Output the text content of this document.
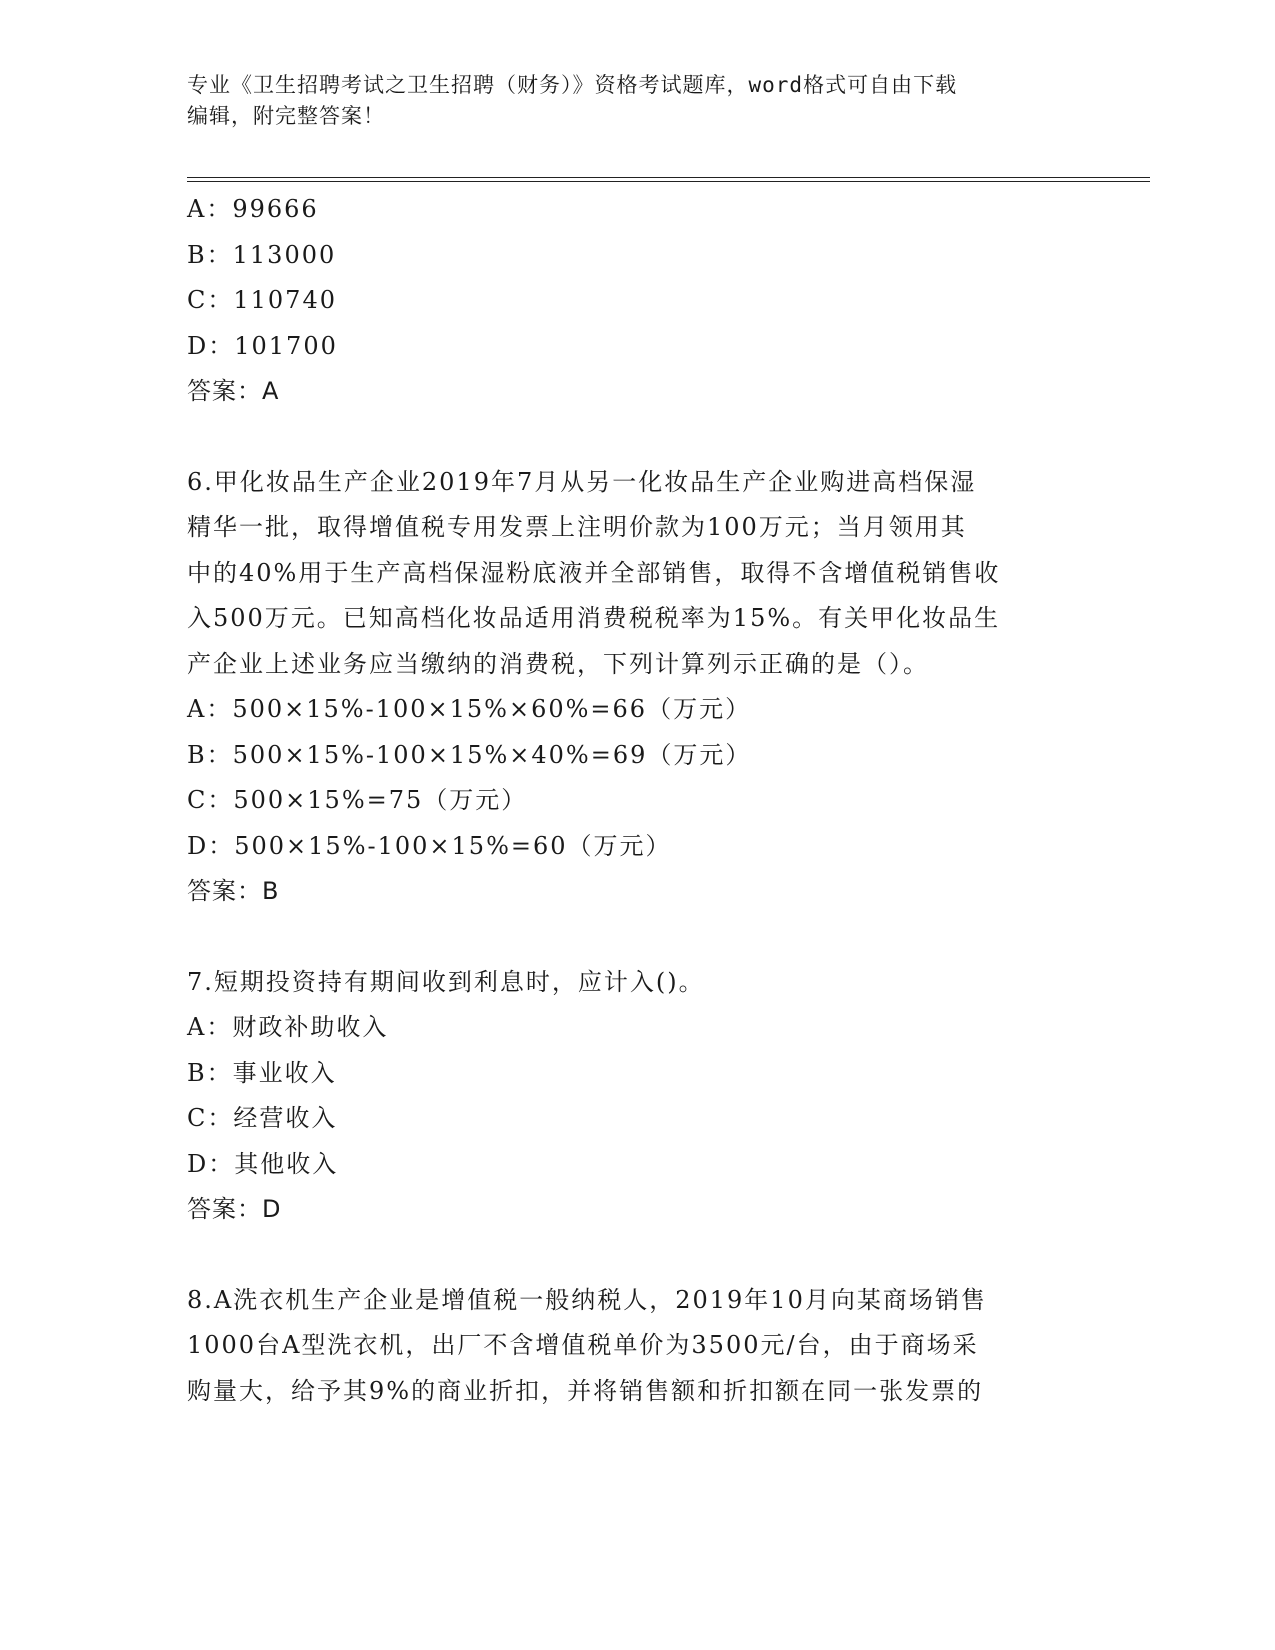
专业《卫生招聘考试之卫生招聘（财务）》资格考试题库，word格式可自由下载
编辑，附完整答案！
A：99666
B：113000
C：110740
D：101700
答案：A
6.甲化妆品生产企业2019年7月从另一化妆品生产企业购进高档保湿
精华一批，取得增值税专用发票上注明价款为100万元；当月领用其
中的40%用于生产高档保湿粉底液并全部销售，取得不含增值税销售收
入500万元。已知高档化妆品适用消费税税率为15%。有关甲化妆品生
产企业上述业务应当缴纳的消费税，下列计算列示正确的是（）。
A：500×15%-100×15%×60%=66（万元）
B：500×15%-100×15%×40%=69（万元）
C：500×15%=75（万元）
D：500×15%-100×15%=60（万元）
答案：B
7.短期投资持有期间收到利息时，应计入()。
A：财政补助收入
B：事业收入
C：经营收入
D：其他收入
答案：D
8.A洗衣机生产企业是增值税一般纳税人，2019年10月向某商场销售
1000台A型洗衣机，出厂不含增值税单价为3500元/台，由于商场采
购量大，给予其9%的商业折扣，并将销售额和折扣额在同一张发票的
